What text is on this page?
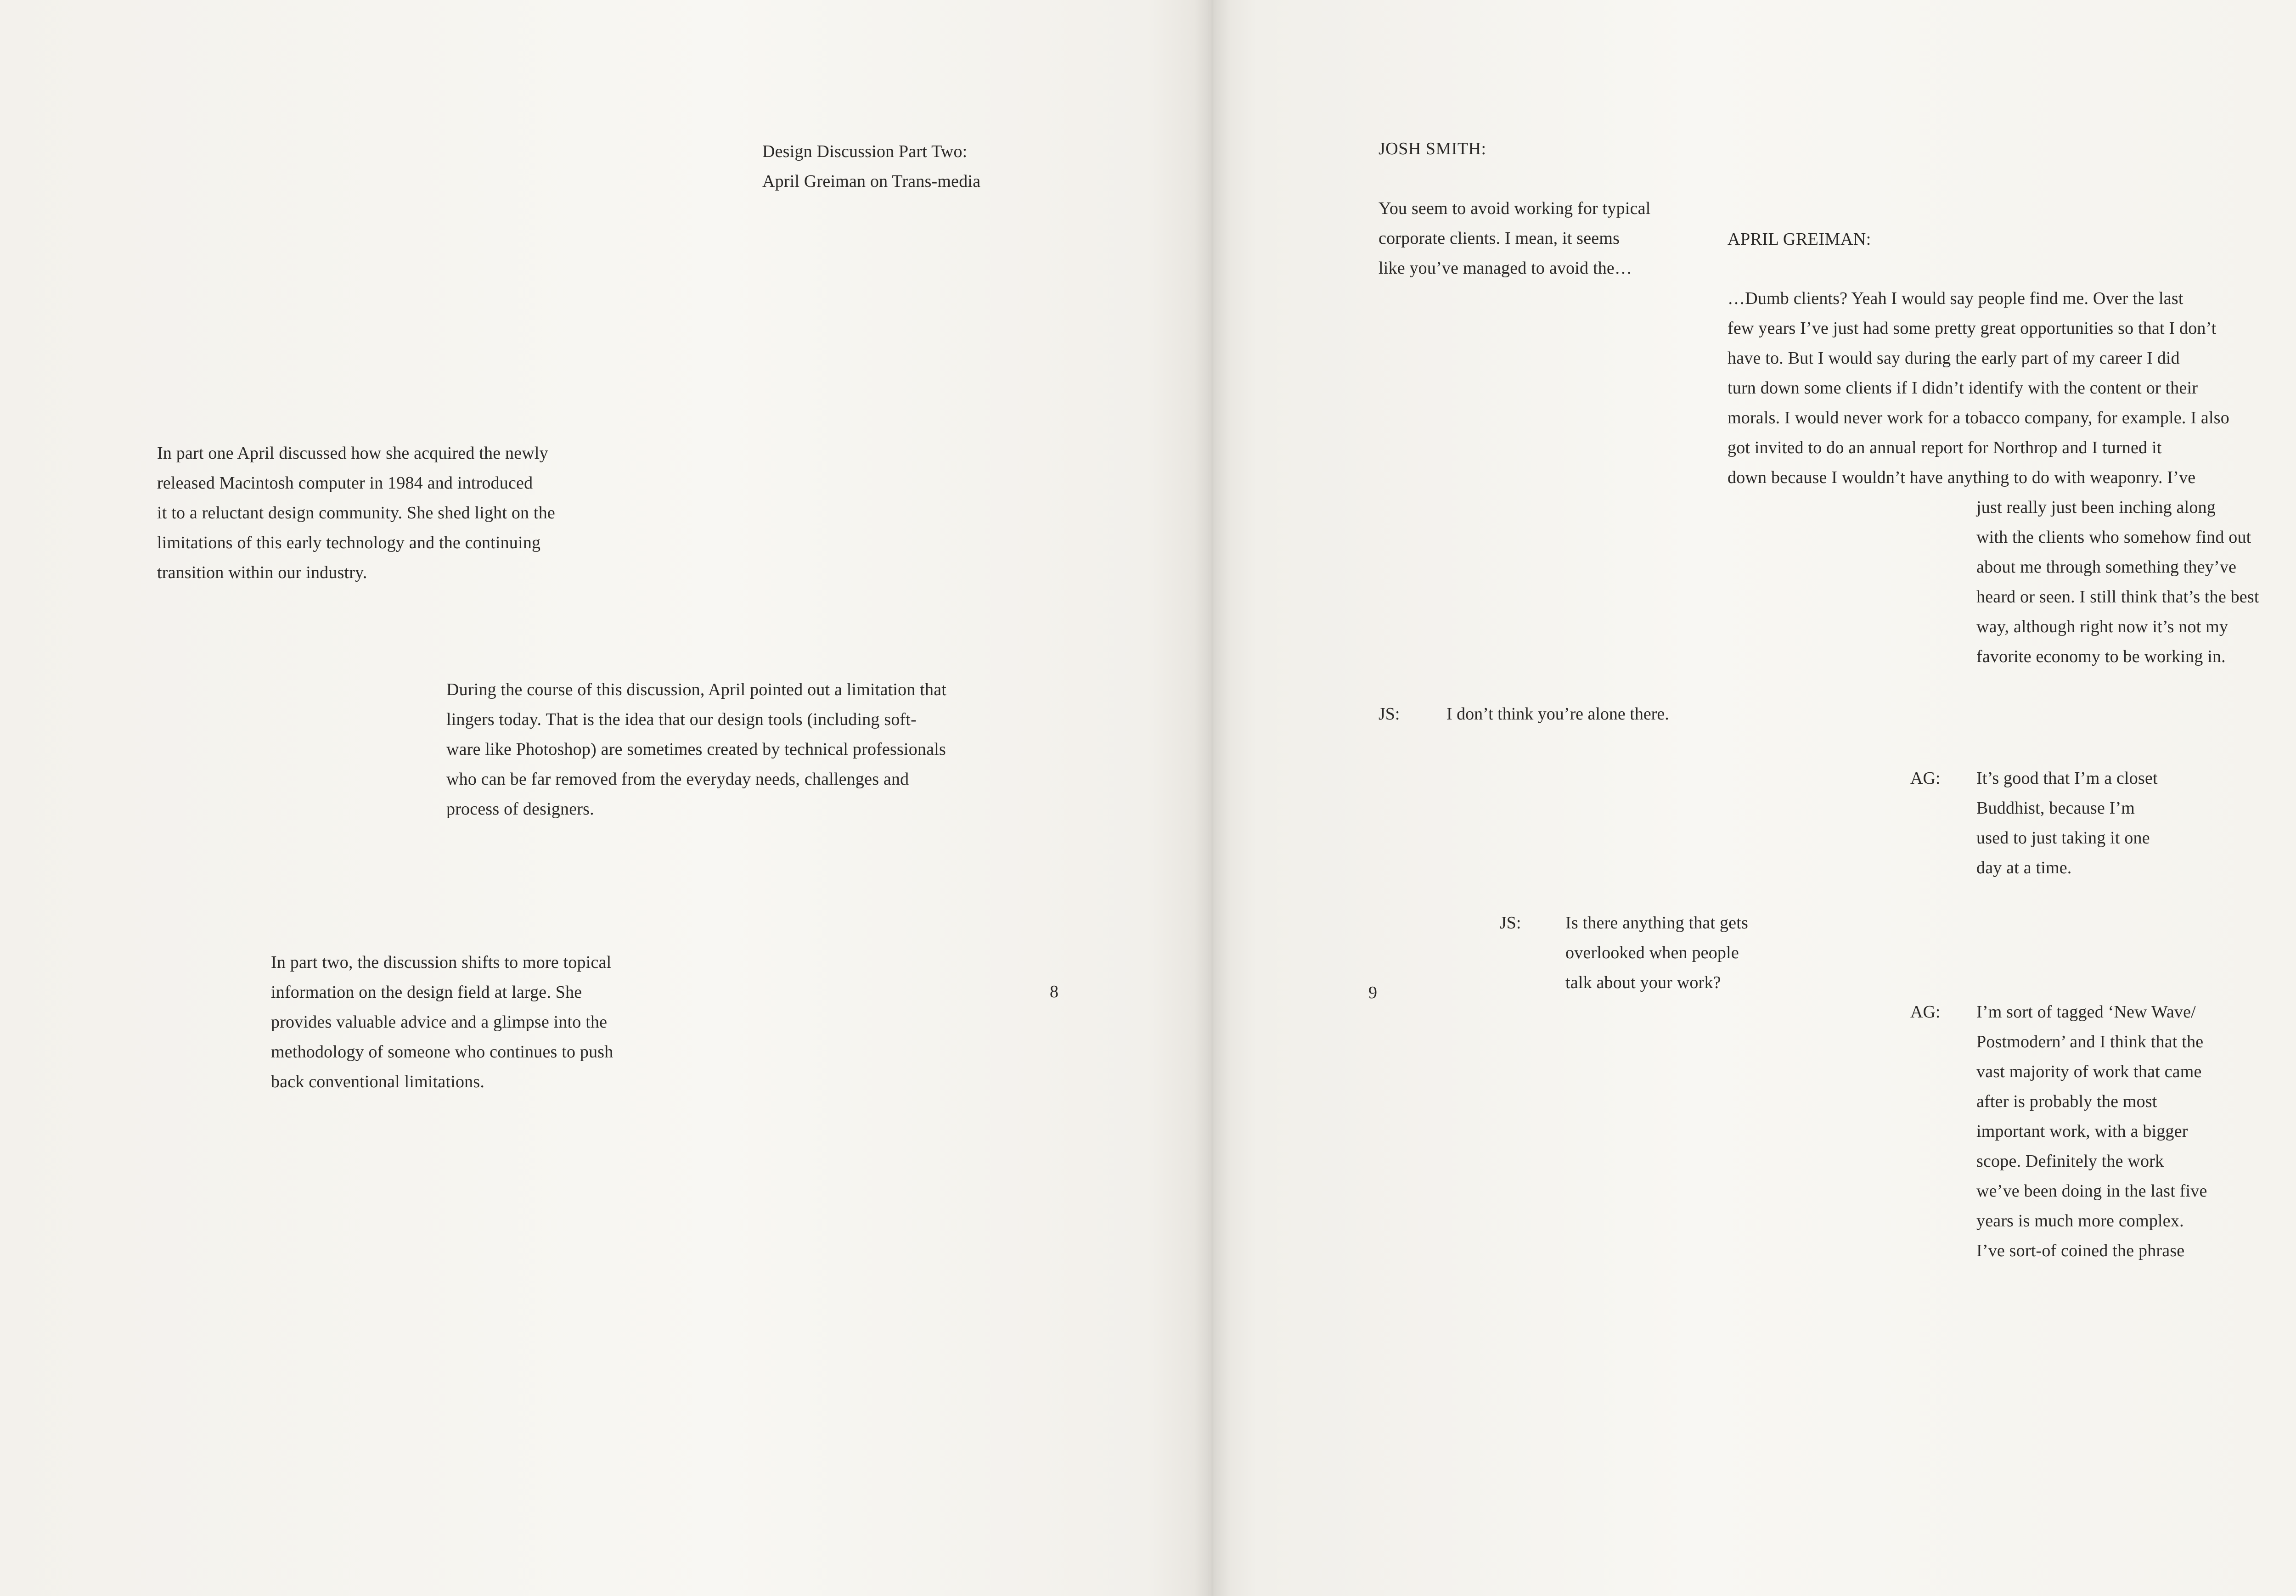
Design Discussion Part Two:
April Greiman on Trans-media
In part one April discussed how she acquired the newly
released Macintosh computer in 1984 and introduced
it to a reluctant design community. She shed light on the
limitations of this early technology and the continuing
transition within our industry.
During the course of this discussion, April pointed out a limitation that
lingers today. That is the idea that our design tools (including soft-
ware like Photoshop) are sometimes created by technical professionals
who can be far removed from the everyday needs, challenges and
process of designers.
In part two, the discussion shifts to more topical
information on the design field at large. She
provides valuable advice and a glimpse into the
methodology of someone who continues to push
back conventional limitations.
8	9
JOSH SMITH:
You seem to avoid working for typical
corporate clients. I mean, it seems
like you’ve managed to avoid the…
APRIL GREIMAN:
…Dumb clients? Yeah I would say people find me. Over the last
few years I’ve just had some pretty great opportunities so that I don’t
have to. But I would say during the early part of my career I did
turn down some clients if I didn’t identify with the content or their
morals. I would never work for a tobacco company, for example. I also
got invited to do an annual report for Northrop and I turned it
down because I wouldn’t have anything to do with weaponry. I’ve
just really just been inching along
with the clients who somehow find out
about me through something they’ve
heard or seen. I still think that’s the best
way, although right now it’s not my
favorite economy to be working in.
JS:	I don’t think you’re alone there.
AG: It’s good that I’m a closet
Buddhist, because I’m
used to just taking it one
day at a time.
JS:	Is there anything that gets
overlooked when people
talk about your work?
AG: I’m sort of tagged ‘New Wave/
Postmodern’ and I think that the
vast majority of work that came
after is probably the most
important work, with a bigger
scope. Definitely the work
we’ve been doing in the last five
years is much more complex.
I’ve sort-of coined the phrase
